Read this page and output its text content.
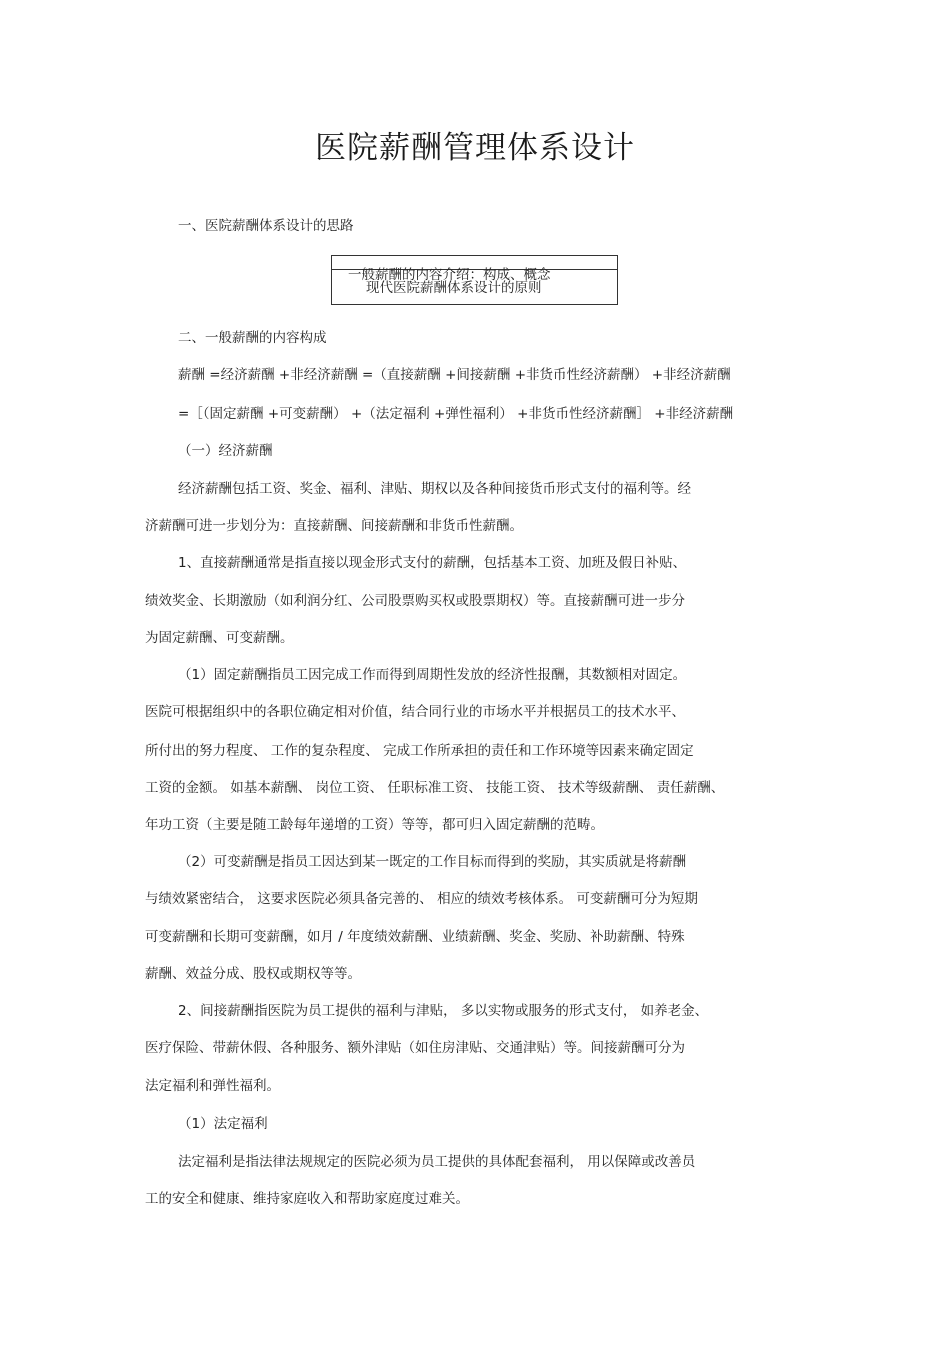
医院薪酬管理体系设计
一、医院薪酬体系设计的思路
一般薪酬的内容介绍：构成、概念
现代医院薪酬体系设计的原则
二、一般薪酬的内容构成
薪酬 =经济薪酬 +非经济薪酬 =（直接薪酬 +间接薪酬 +非货币性经济薪酬） +非经济薪酬
=［（固定薪酬 +可变薪酬） +（法定福利 +弹性福利） +非货币性经济薪酬］ +非经济薪酬
（一）经济薪酬
经济薪酬包括工资、奖金、福利、津贴、期权以及各种间接货币形式支付的福利等。经
济薪酬可进一步划分为：直接薪酬、间接薪酬和非货币性薪酬。
1、直接薪酬通常是指直接以现金形式支付的薪酬，包括基本工资、加班及假日补贴、
绩效奖金、长期激励（如利润分红、公司股票购买权或股票期权）等。直接薪酬可进一步分
为固定薪酬、可变薪酬。
（1）固定薪酬指员工因完成工作而得到周期性发放的经济性报酬，其数额相对固定。
医院可根据组织中的各职位确定相对价值，结合同行业的市场水平并根据员工的技术水平、
所付出的努力程度、 工作的复杂程度、 完成工作所承担的责任和工作环境等因素来确定固定
工资的金额。 如基本薪酬、 岗位工资、 任职标准工资、 技能工资、 技术等级薪酬、 责任薪酬、
年功工资（主要是随工龄每年递增的工资）等等，都可归入固定薪酬的范畴。
（2）可变薪酬是指员工因达到某一既定的工作目标而得到的奖励，其实质就是将薪酬
与绩效紧密结合， 这要求医院必须具备完善的、 相应的绩效考核体系。 可变薪酬可分为短期
可变薪酬和长期可变薪酬，如月 / 年度绩效薪酬、业绩薪酬、奖金、奖励、补助薪酬、特殊
薪酬、效益分成、股权或期权等等。
2、间接薪酬指医院为员工提供的福利与津贴， 多以实物或服务的形式支付， 如养老金、
医疗保险、带薪休假、各种服务、额外津贴（如住房津贴、交通津贴）等。间接薪酬可分为
法定福利和弹性福利。
（1）法定福利
法定福利是指法律法规规定的医院必须为员工提供的具体配套福利， 用以保障或改善员
工的安全和健康、维持家庭收入和帮助家庭度过难关。
